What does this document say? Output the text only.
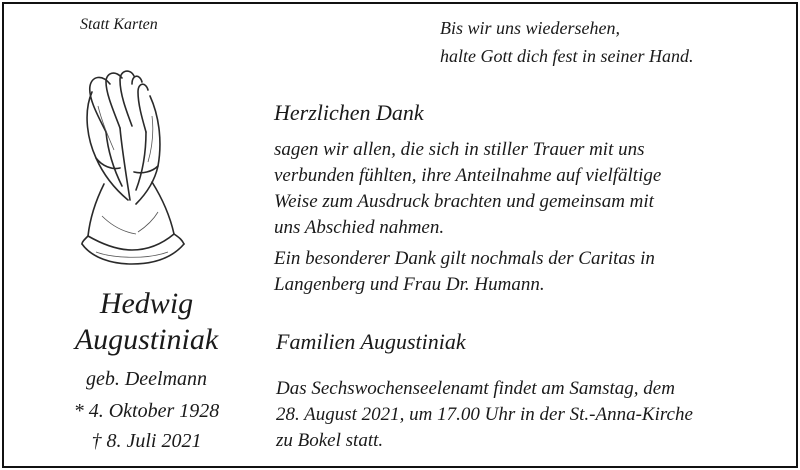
Statt Karten	Bis wir uns wiedersehen,
halte Gott dich fest in seiner Hand.
Herzlichen Dank
sagen wir allen, die sich in stiller Trauer mit uns
verbunden fühlten, ihre Anteilnahme auf vielfältige
Weise zum Ausdruck brachten und gemeinsam mit
uns Abschied nahmen.
Ein besonderer Dank gilt nochmals der Caritas in
Langenberg und Frau Dr. Humann.
Hedwig
Augustiniak
geb. Deelmann
* 4. Oktober 1928
† 8. Juli 2021
Familien Augustiniak
Das Sechswochenseelenamt findet am Samstag, dem
28. August 2021, um 17.00 Uhr in der St.-Anna-Kirche
zu Bokel statt.
